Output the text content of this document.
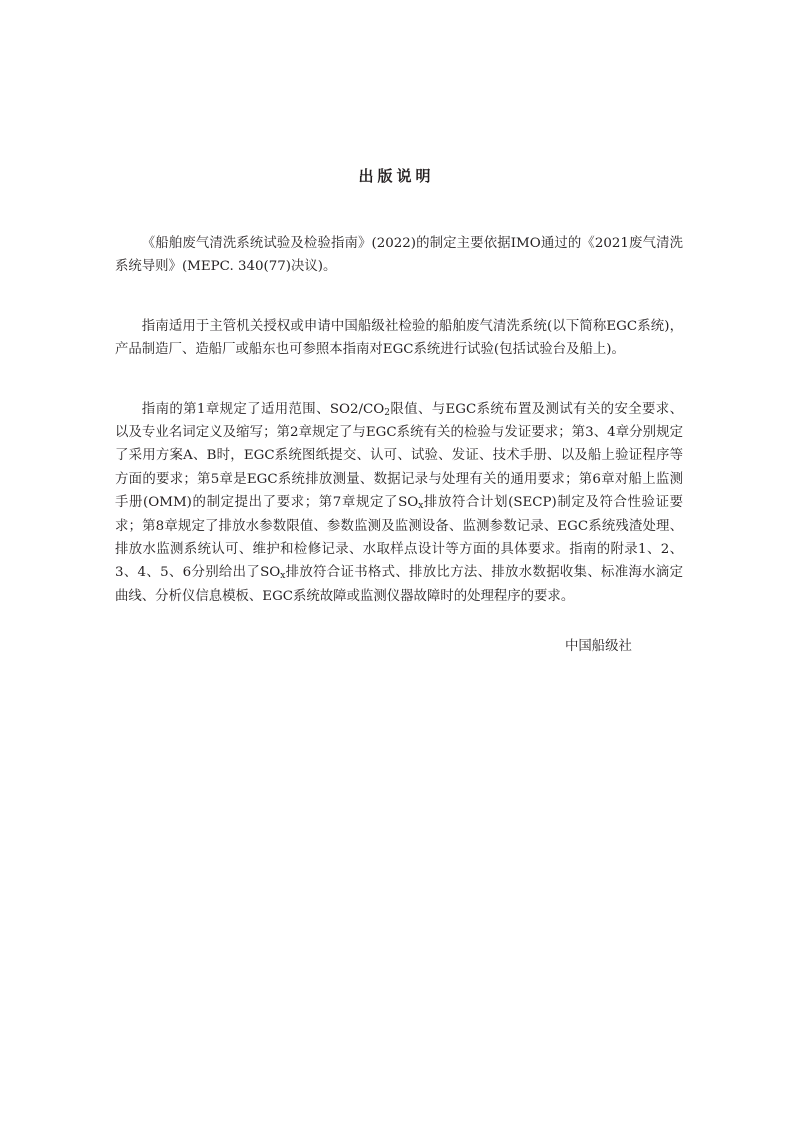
出版说明

《船舶废气清洗系统试验及检验指南》(2022)的制定主要依据IMO通过的《2021废气清洗系统导则》(MEPC. 340(77)决议)。

指南适用于主管机关授权或申请中国船级社检验的船舶废气清洗系统(以下简称EGC系统)，产品制造厂、造船厂或船东也可参照本指南对EGC系统进行试验(包括试验台及船上)。

指南的第1章规定了适用范围、$SO2/CO_2$限值、与EGC系统布置及测试有关的安全要求、以及专业名词定义及缩写；第2章规定了与EGC系统有关的检验与发证要求；第3、4章分别规定了采用方案A、B时，EGC系统图纸提交、认可、试验、发证、技术手册、以及船上验证程序等方面的要求；第5章是EGC系统排放测量、数据记录与处理有关的通用要求；第6章对船上监测手册(OMM)的制定提出了要求；第7章规定了$SO_x$排放符合计划(SECP)制定及符合性验证要求；第8章规定了排放水参数限值、参数监测及监测设备、监测参数记录、EGC系统残渣处理、排放水监测系统认可、维护和检修记录、水取样点设计等方面的具体要求。指南的附录1、2、3、4、5、6分别给出了$SO_x$排放符合证书格式、排放比方法、排放水数据收集、标准海水滴定曲线、分析仪信息模板、EGC系统故障或监测仪器故障时的处理程序的要求。

中国船级社
